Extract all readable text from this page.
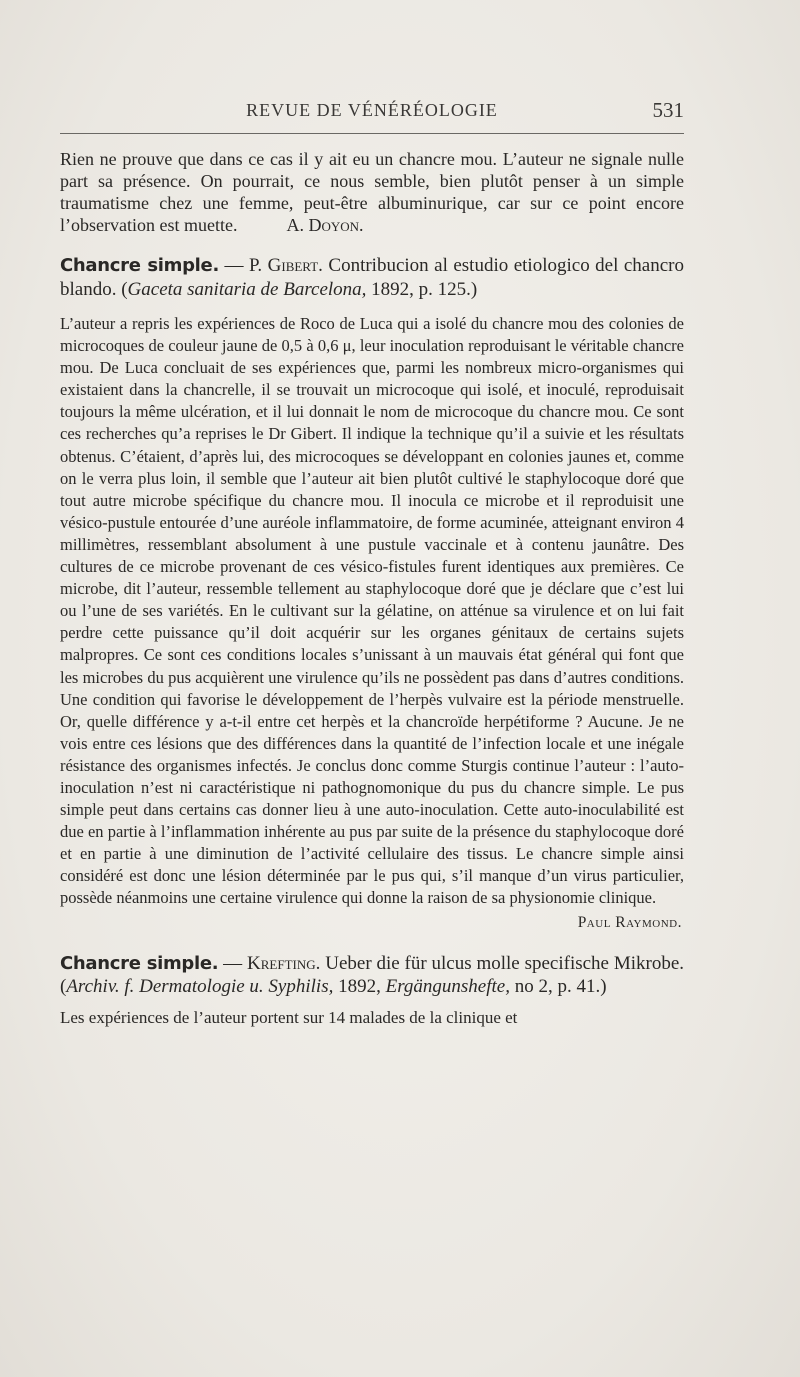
REVUE DE VÉNÉRÉOLOGIE	531

Rien ne prouve que dans ce cas il y ait eu un chancre mou. L’auteur ne signale nulle part sa présence. On pourrait, ce nous semble, bien plutôt penser à un simple traumatisme chez une femme, peut-être albuminurique, car sur ce point encore l’observation est muette.	A. Doyon.

Chancre simple. — P. Gibert. Contribucion al estudio etiologico del chancro blando. (Gaceta sanitaria de Barcelona, 1892, p. 125.)

L’auteur a repris les expériences de Roco de Luca qui a isolé du chancre mou des colonies de microcoques de couleur jaune de 0,5 à 0,6 μ, leur inoculation reproduisant le véritable chancre mou. De Luca concluait de ses expériences que, parmi les nombreux micro-organismes qui existaient dans la chancrelle, il se trouvait un microcoque qui isolé, et inoculé, reproduisait toujours la même ulcération, et il lui donnait le nom de microcoque du chancre mou. Ce sont ces recherches qu’a reprises le Dr Gibert. Il indique la technique qu’il a suivie et les résultats obtenus. C’étaient, d’après lui, des microcoques se développant en colonies jaunes et, comme on le verra plus loin, il semble que l’auteur ait bien plutôt cultivé le staphylocoque doré que tout autre microbe spécifique du chancre mou. Il inocula ce microbe et il reproduisit une vésico-pustule entourée d’une auréole inflammatoire, de forme acuminée, atteignant environ 4 millimètres, ressemblant absolument à une pustule vaccinale et à contenu jaunâtre. Des cultures de ce microbe provenant de ces vésico-fistules furent identiques aux premières. Ce microbe, dit l’auteur, ressemble tellement au staphylocoque doré que je déclare que c’est lui ou l’une de ses variétés. En le cultivant sur la gélatine, on atténue sa virulence et on lui fait perdre cette puissance qu’il doit acquérir sur les organes génitaux de certains sujets malpropres. Ce sont ces conditions locales s’unissant à un mauvais état général qui font que les microbes du pus acquièrent une virulence qu’ils ne possèdent pas dans d’autres conditions. Une condition qui favorise le développement de l’herpès vulvaire est la période menstruelle. Or, quelle différence y a-t-il entre cet herpès et la chancroïde herpétiforme ? Aucune. Je ne vois entre ces lésions que des différences dans la quantité de l’infection locale et une inégale résistance des organismes infectés. Je conclus donc comme Sturgis continue l’auteur : l’auto-inoculation n’est ni caractéristique ni pathognomonique du pus du chancre simple. Le pus simple peut dans certains cas donner lieu à une auto-inoculation. Cette auto-inoculabilité est due en partie à l’inflammation inhérente au pus par suite de la présence du staphylocoque doré et en partie à une diminution de l’activité cellulaire des tissus. Le chancre simple ainsi considéré est donc une lésion déterminée par le pus qui, s’il manque d’un virus particulier, possède néanmoins une certaine virulence qui donne la raison de sa physionomie clinique.

Paul Raymond.

Chancre simple. — Krefting. Ueber die für ulcus molle specifische Mikrobe. (Archiv. f. Dermatologie u. Syphilis, 1892, Ergängunshefte, no 2, p. 41.)

Les expériences de l’auteur portent sur 14 malades de la clinique et
